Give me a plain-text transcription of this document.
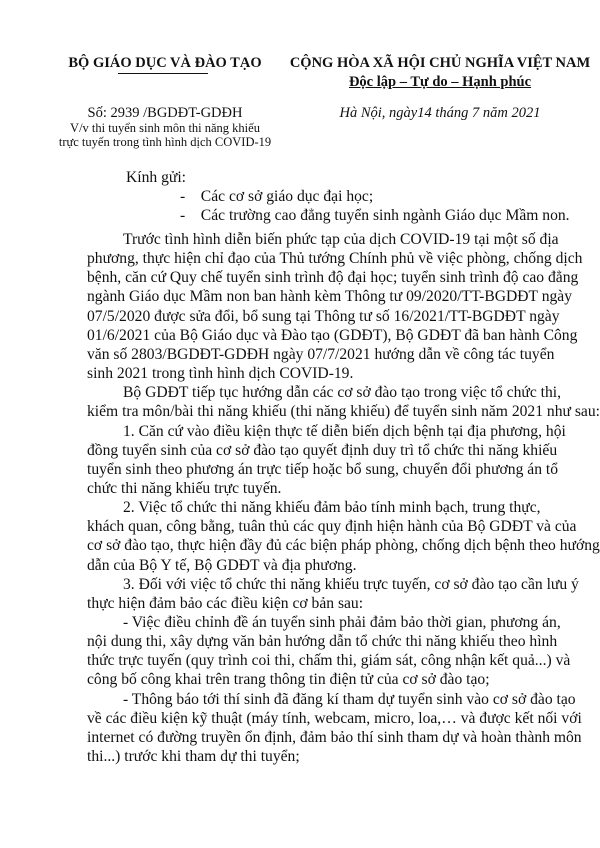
BỘ GIÁO DỤC VÀ ĐÀO TẠO CỘNG HÒA XÃ HỘI CHỦ NGHĨA VIỆT NAM
Độc lập – Tự do – Hạnh phúc
Số: 2939 /BGDĐT-GDĐH
V/v thi tuyển sinh môn thi năng khiếu
trực tuyến trong tình hình dịch COVID-19
Hà Nội, ngày14 tháng 7 năm 2021
Kính gửi:
-    Các cơ sở giáo dục đại học;
-    Các trường cao đẳng tuyển sinh ngành Giáo dục Mầm non.
Trước tình hình diễn biến phức tạp của dịch COVID-19 tại một số địa
phương, thực hiện chỉ đạo của Thủ tướng Chính phủ về việc phòng, chống dịch
bệnh, căn cứ Quy chế tuyển sinh trình độ đại học; tuyển sinh trình độ cao đẳng
ngành Giáo dục Mầm non ban hành kèm Thông tư 09/2020/TT-BGDĐT ngày
07/5/2020 được sửa đổi, bổ sung tại Thông tư số 16/2021/TT-BGDĐT ngày
01/6/2021 của Bộ Giáo dục và Đào tạo (GDĐT), Bộ GDĐT đã ban hành Công
văn số 2803/BGDĐT-GDĐH ngày 07/7/2021 hướng dẫn về công tác tuyển
sinh 2021 trong tình hình dịch COVID-19.
Bộ GDĐT tiếp tục hướng dẫn các cơ sở đào tạo trong việc tổ chức thi,
kiểm tra môn/bài thi năng khiếu (thi năng khiếu) để tuyển sinh năm 2021 như sau:
1. Căn cứ vào điều kiện thực tế diễn biến dịch bệnh tại địa phương, hội
đồng tuyển sinh của cơ sở đào tạo quyết định duy trì tổ chức thi năng khiếu
tuyển sinh theo phương án trực tiếp hoặc bổ sung, chuyển đổi phương án tổ
chức thi năng khiếu trực tuyến.
2. Việc tổ chức thi năng khiếu đảm bảo tính minh bạch, trung thực,
khách quan, công bằng, tuân thủ các quy định hiện hành của Bộ GDĐT và của
cơ sở đào tạo, thực hiện đầy đủ các biện pháp phòng, chống dịch bệnh theo hướng
dẫn của Bộ Y tế, Bộ GDĐT và địa phương.
3. Đối với việc tổ chức thi năng khiếu trực tuyến, cơ sở đào tạo cần lưu ý
thực hiện đảm bảo các điều kiện cơ bản sau:
- Việc điều chỉnh đề án tuyển sinh phải đảm bảo thời gian, phương án,
nội dung thi, xây dựng văn bản hướng dẫn tổ chức thi năng khiếu theo hình
thức trực tuyến (quy trình coi thi, chấm thi, giám sát, công nhận kết quả...) và
công bố công khai trên trang thông tin điện tử của cơ sở đào tạo;
- Thông báo tới thí sinh đã đăng kí tham dự tuyển sinh vào cơ sở đào tạo
về các điều kiện kỹ thuật (máy tính, webcam, micro, loa,… và được kết nối với
internet có đường truyền ổn định, đảm bảo thí sinh tham dự và hoàn thành môn
thi...) trước khi tham dự thi tuyển;
